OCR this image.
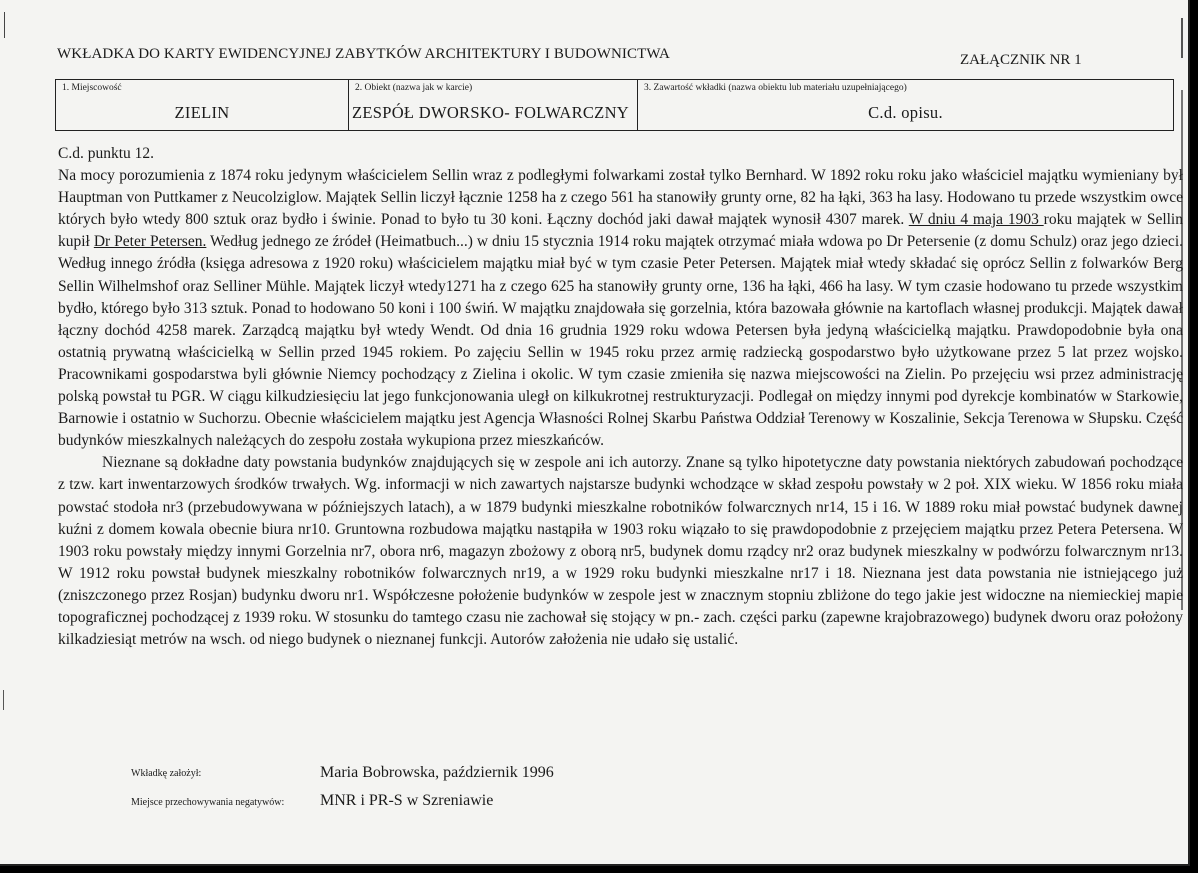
WKŁADKA DO KARTY EWIDENCYJNEJ ZABYTKÓW ARCHITEKTURY I BUDOWNICTWA	ZAŁĄCZNIK NR 1
1. Miejscowość
ZIELIN

2. Obiekt (nazwa jak w karcie)
ZESPÓŁ DWORSKO- FOLWARCZNY

3. Zawartość wkładki (nazwa obiektu lub materiału uzupełniającego)
C.d. opisu.

C.d. punktu 12.

Na mocy porozumienia z 1874 roku jedynym właścicielem Sellin wraz z podległymi folwarkami został tylko Bernhard. W 1892 roku roku jako właściciel majątku wymieniany był Hauptman von Puttkamer z Neucolziglow. Majątek Sellin liczył łącznie 1258 ha z czego 561 ha stanowiły grunty orne, 82 ha łąki, 363 ha lasy. Hodowano tu przede wszystkim owce których było wtedy 800 sztuk oraz bydło i świnie. Ponad to było tu 30 koni. Łączny dochód jaki dawał majątek wynosił 4307 marek. W dniu 4 maja 1903 roku majątek w Sellin kupił Dr Peter Petersen. Według jednego ze źródeł (Heimatbuch...) w dniu 15 stycznia 1914 roku majątek otrzymać miała wdowa po Dr Petersenie (z domu Schulz) oraz jego dzieci. Według innego źródła (księga adresowa z 1920 roku) właścicielem majątku miał być w tym czasie Peter Petersen. Majątek miał wtedy składać się oprócz Sellin z folwarków Berg Sellin Wilhelmshof oraz Selliner Mühle. Majątek liczył wtedy1271 ha z czego 625 ha stanowiły grunty orne, 136 ha łąki, 466 ha lasy. W tym czasie hodowano tu przede wszystkim bydło, którego było 313 sztuk. Ponad to hodowano 50 koni i 100 świń. W majątku znajdowała się gorzelnia, która bazowała głównie na kartoflach własnej produkcji. Majątek dawał łączny dochód 4258 marek. Zarządcą majątku był wtedy Wendt. Od dnia 16 grudnia 1929 roku wdowa Petersen była jedyną właścicielką majątku. Prawdopodobnie była ona ostatnią prywatną właścicielką w Sellin przed 1945 rokiem. Po zajęciu Sellin w 1945 roku przez armię radziecką gospodarstwo było użytkowane przez 5 lat przez wojsko. Pracownikami gospodarstwa byli głównie Niemcy pochodzący z Zielina i okolic. W tym czasie zmieniła się nazwa miejscowości na Zielin. Po przejęciu wsi przez administrację polską powstał tu PGR. W ciągu kilkudziesięciu lat jego funkcjonowania uległ on kilkukrotnej restrukturyzacji. Podlegał on między innymi pod dyrekcje kombinatów w Starkowie, Barnowie i ostatnio w Suchorzu. Obecnie właścicielem majątku jest Agencja Własności Rolnej Skarbu Państwa Oddział Terenowy w Koszalinie, Sekcja Terenowa w Słupsku. Część budynków mieszkalnych należących do zespołu została wykupiona przez mieszkańców.

Nieznane są dokładne daty powstania budynków znajdujących się w zespole ani ich autorzy. Znane są tylko hipotetyczne daty powstania niektórych zabudowań pochodzące z tzw. kart inwentarzowych środków trwałych. Wg. informacji w nich zawartych najstarsze budynki wchodzące w skład zespołu powstały w 2 poł. XIX wieku. W 1856 roku miała powstać stodoła nr3 (przebudowywana w późniejszych latach), a w 1879 budynki mieszkalne robotników folwarcznych nr14, 15 i 16. W 1889 roku miał powstać budynek dawnej kuźni z domem kowala obecnie biura nr10. Gruntowna rozbudowa majątku nastąpiła w 1903 roku wiązało to się prawdopodobnie z przejęciem majątku przez Petera Petersena. W 1903 roku powstały między innymi Gorzelnia nr7, obora nr6, magazyn zbożowy z oborą nr5, budynek domu rządcy nr2 oraz budynek mieszkalny w podwórzu folwarcznym nr13. W 1912 roku powstał budynek mieszkalny robotników folwarcznych nr19, a w 1929 roku budynki mieszkalne nr17 i 18. Nieznana jest data powstania nie istniejącego już (zniszczonego przez Rosjan) budynku dworu nr1. Współczesne położenie budynków w zespole jest w znacznym stopniu zbliżone do tego jakie jest widoczne na niemieckiej mapie topograficznej pochodzącej z 1939 roku. W stosunku do tamtego czasu nie zachował się stojący w pn.- zach. części parku (zapewne krajobrazowego) budynek dworu oraz położony kilkadziesiąt metrów na wsch. od niego budynek o nieznanej funkcji. Autorów założenia nie udało się ustalić.

Wkładkę założył:	Maria Bobrowska, październik 1996
Miejsce przechowywania negatywów: MNR i PR-S w Szreniawie
